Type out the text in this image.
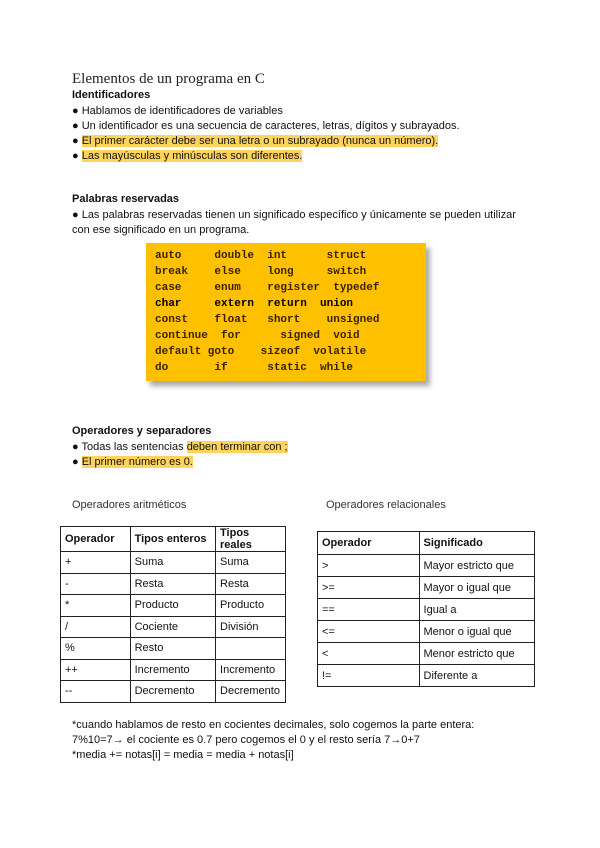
Elementos de un programa en C
Identificadores
● Hablamos de identificadores de variables
● Un identificador es una secuencia de caracteres, letras, dígitos y subrayados.
● El primer carácter debe ser una letra o un subrayado (nunca un número).
● Las mayúsculas y minúsculas son diferentes.
Palabras reservadas
● Las palabras reservadas tienen un significado específico y únicamente se pueden utilizar
con ese significado en un programa.
auto     double  int      struct
break    else    long     switch
case     enum    register  typedef
char     extern  return  union
const    float   short    unsigned
continue  for      signed  void
default goto    sizeof  volatile
do       if      static  while
Operadores y separadores
● Todas las sentencias deben terminar con ;
● El primer número es 0.
Operadores aritméticos	Operadores relacionales
Operador	Tipos enteros	Tipos reales
+	Suma	Suma
-	Resta	Resta
*	Producto	Producto
/	Cociente	División
%	Resto	
++	Incremento	Incremento
--	Decremento	Decremento
Operador	Significado
>	Mayor estricto que
>=	Mayor o igual que
==	Igual a
<=	Menor o igual que
<	Menor estricto que
!=	Diferente a
*cuando hablamos de resto en cocientes decimales, solo cogemos la parte entera:
7%10=7→ el cociente es 0.7 pero cogemos el 0 y el resto sería 7→0+7
*media += notas[i] = media = media + notas[i]
